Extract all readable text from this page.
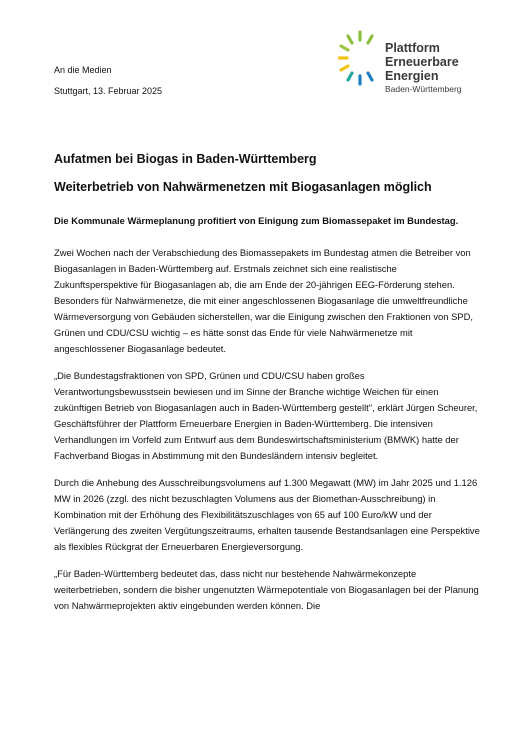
Plattform
Erneuerbare
Energien
Baden-Württemberg
An die Medien
Stuttgart, 13. Februar 2025
Aufatmen bei Biogas in Baden-Württemberg
Weiterbetrieb von Nahwärmenetzen mit Biogasanlagen möglich
Die Kommunale Wärmeplanung profitiert von Einigung zum Biomassepaket im Bundestag.

Zwei Wochen nach der Verabschiedung des Biomassepakets im Bundestag atmen die Betreiber von Biogasanlagen in Baden-Württemberg auf. Erstmals zeichnet sich eine realistische Zukunftsperspektive für Biogasanlagen ab, die am Ende der 20-jährigen EEG-Förderung stehen. Besonders für Nahwärmenetze, die mit einer angeschlossenen Biogasanlage die umweltfreundliche Wärmeversorgung von Gebäuden sicherstellen, war die Einigung zwischen den Fraktionen von SPD, Grünen und CDU/CSU wichtig – es hätte sonst das Ende für viele Nahwärmenetze mit angeschlossener Biogasanlage bedeutet.

„Die Bundestagsfraktionen von SPD, Grünen und CDU/CSU haben großes Verantwortungsbewusstsein bewiesen und im Sinne der Branche wichtige Weichen für einen zukünftigen Betrieb von Biogasanlagen auch in Baden-Württemberg gestellt", erklärt Jürgen Scheurer, Geschäftsführer der Plattform Erneuerbare Energien in Baden-Württemberg. Die intensiven Verhandlungen im Vorfeld zum Entwurf aus dem Bundeswirtschaftsministerium (BMWK) hatte der Fachverband Biogas in Abstimmung mit den Bundesländern intensiv begleitet.

Durch die Anhebung des Ausschreibungsvolumens auf 1.300 Megawatt (MW) im Jahr 2025 und 1.126 MW in 2026 (zzgl. des nicht bezuschlagten Volumens aus der Biomethan-Ausschreibung) in Kombination mit der Erhöhung des Flexibilitätszuschlages von 65 auf 100 Euro/kW und der Verlängerung des zweiten Vergütungszeitraums, erhalten tausende Bestandsanlagen eine Perspektive als flexibles Rückgrat der Erneuerbaren Energieversorgung.

„Für Baden-Württemberg bedeutet das, dass nicht nur bestehende Nahwärmekonzepte weiterbetrieben, sondern die bisher ungenutzten Wärmepotentiale von Biogasanlagen bei der Planung von Nahwärmeprojekten aktiv eingebunden werden können. Die
